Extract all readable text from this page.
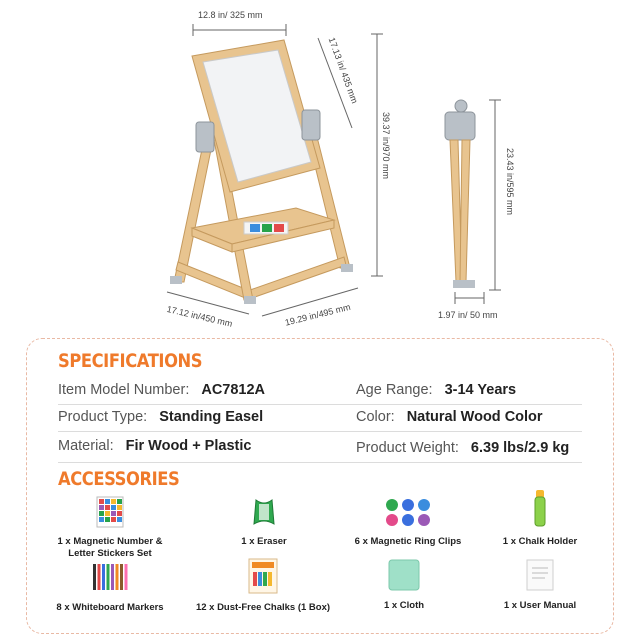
12.8 in/ 325 mm
17.13 in/ 435 mm
39.37 in/970 mm
23.43 in/595 mm
17.12 in/450 mm	19.29 in/495 mm	1.97 in/ 50 mm
SPECIFICATIONS
Item Model Number: AC7812A	Age Range: 3-14 Years
Product Type: Standing Easel	Color: Natural Wood Color
Material: Fir Wood + Plastic	Product Weight: 6.39 lbs/2.9 kg
ACCESSORIES
1 x Magnetic Number &
Letter Stickers Set
1 x Eraser	6 x Magnetic Ring Clips	1 x Chalk Holder
8 x Whiteboard Markers	12 x Dust-Free Chalks (1 Box)	1 x Cloth	1 x User Manual
